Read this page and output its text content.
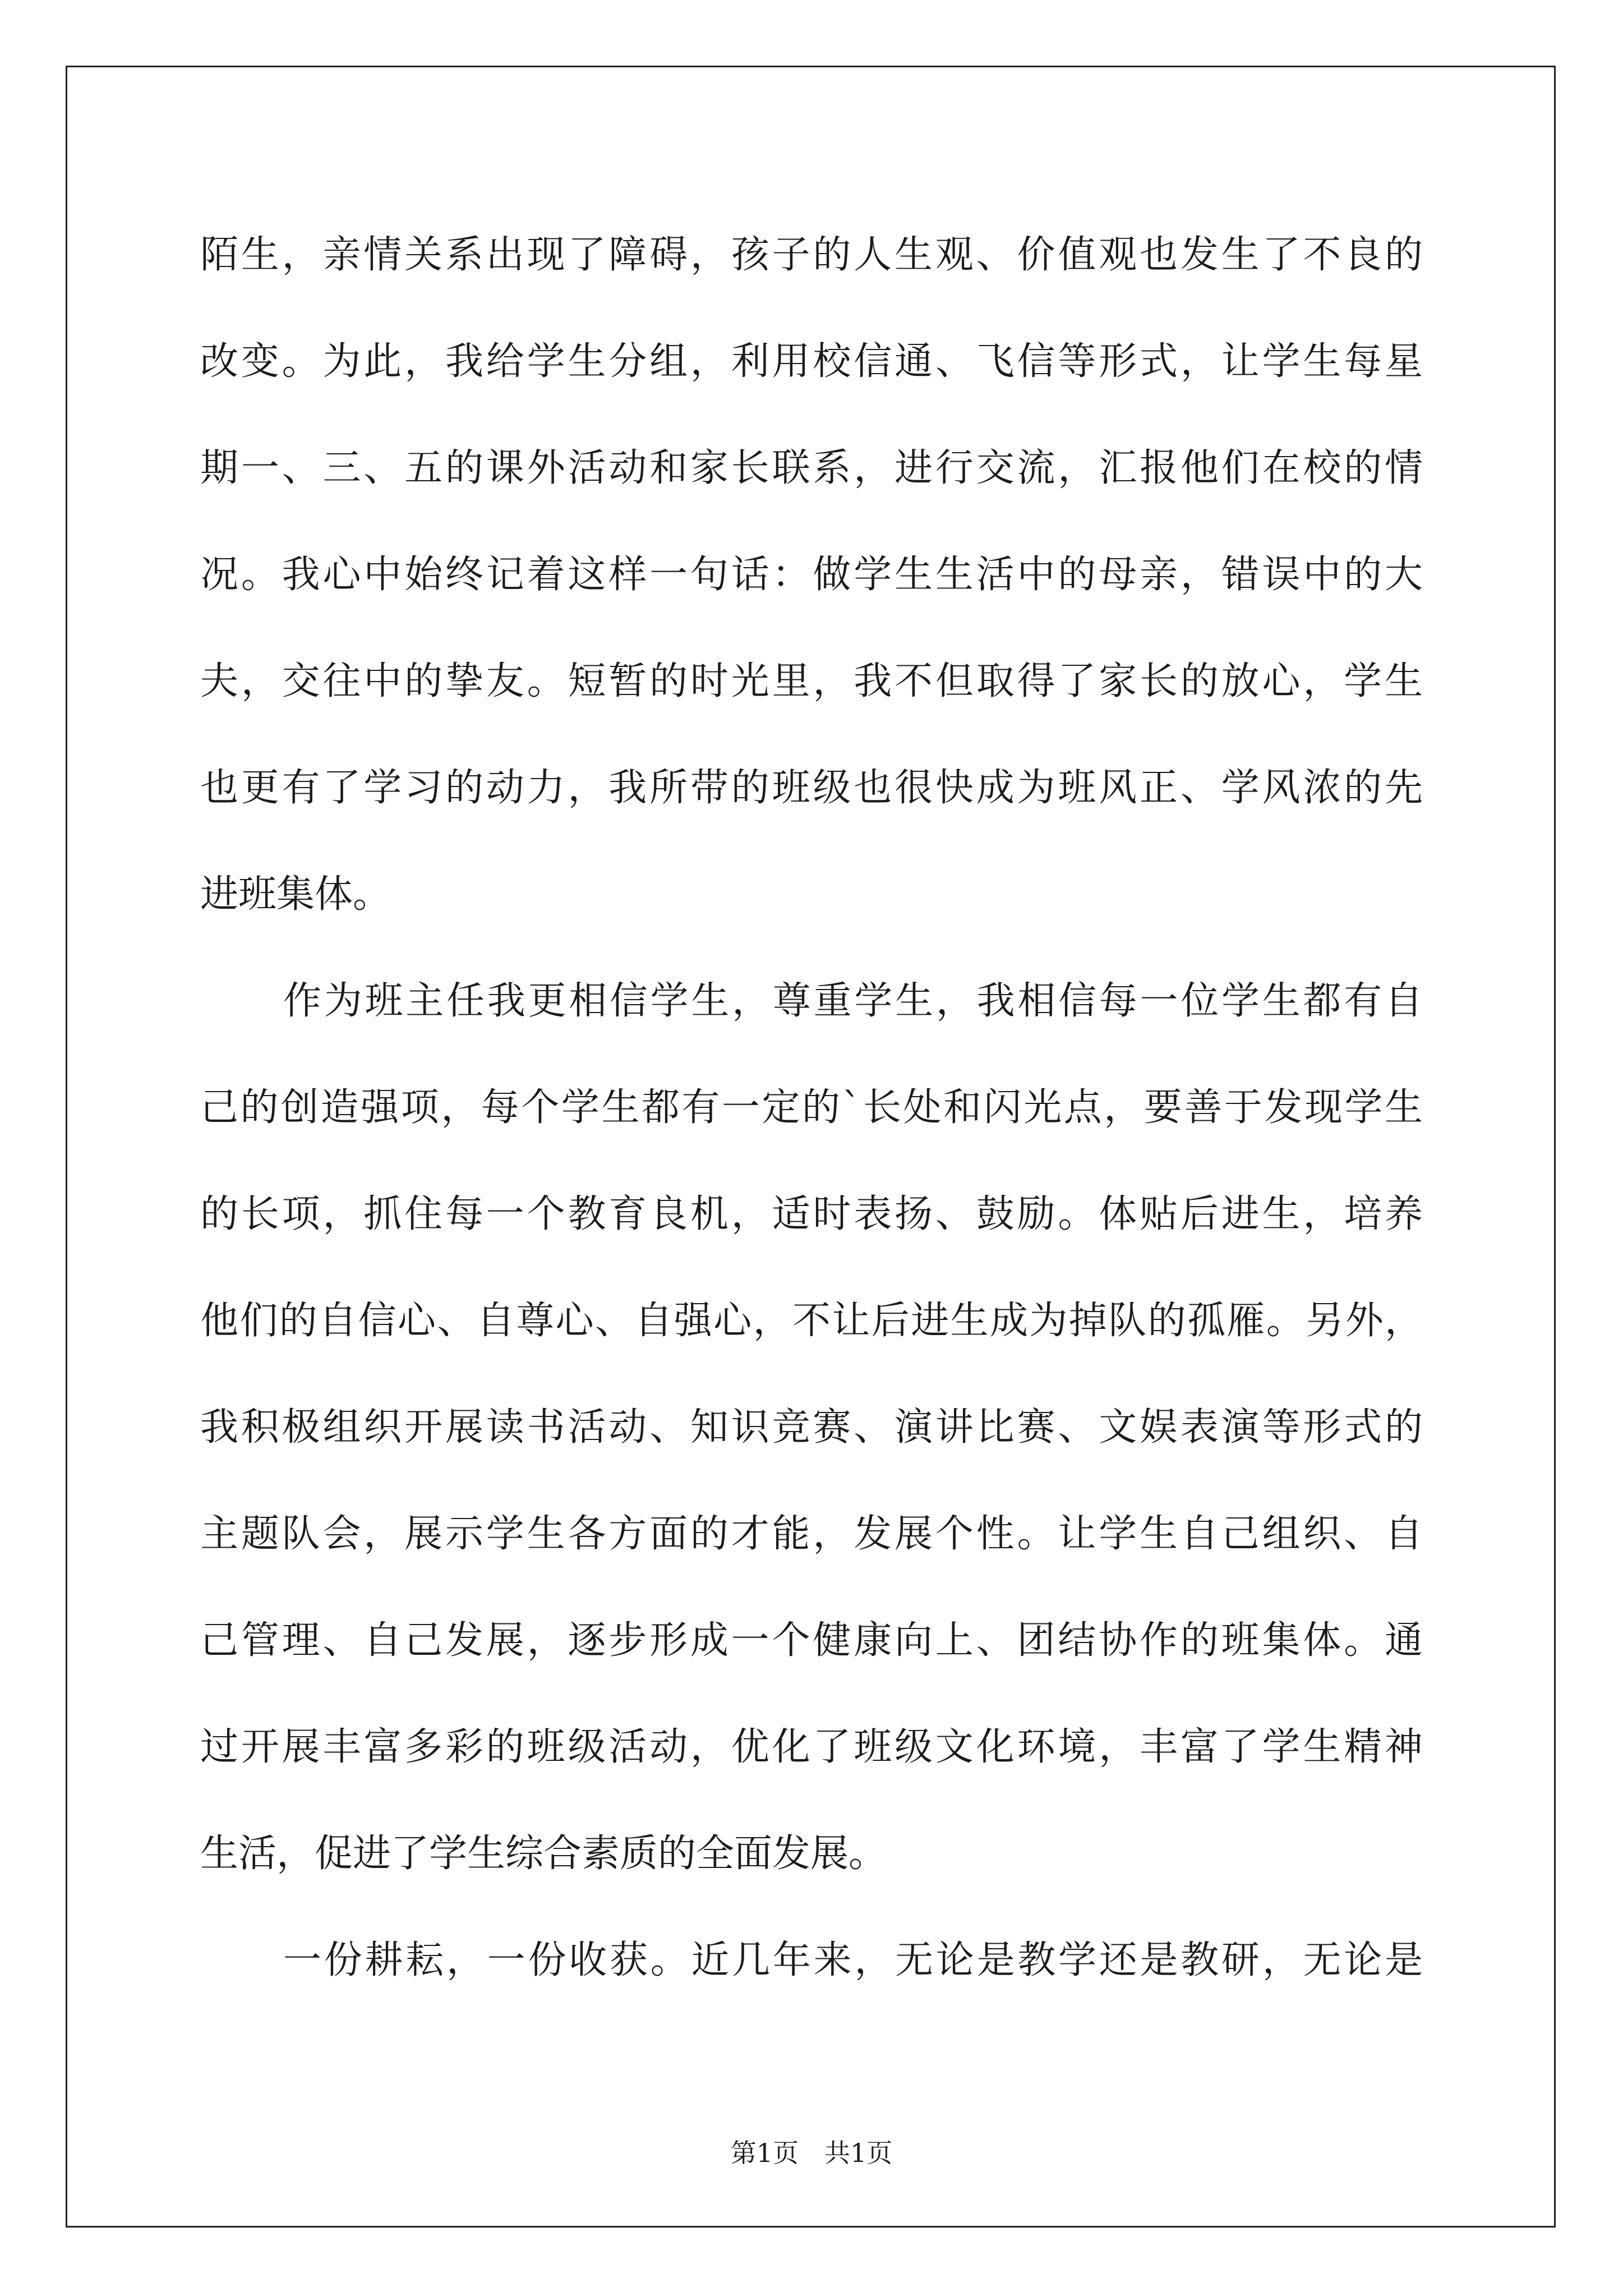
陌生，亲情关系出现了障碍，孩子的人生观、价值观也发生了不良的
改变。为此，我给学生分组，利用校信通、飞信等形式，让学生每星
期一、三、五的课外活动和家长联系，进行交流，汇报他们在校的情
况。我心中始终记着这样一句话：做学生生活中的母亲，错误中的大
夫，交往中的挚友。短暂的时光里，我不但取得了家长的放心，学生
也更有了学习的动力，我所带的班级也很快成为班风正、学风浓的先
进班集体。
作为班主任我更相信学生，尊重学生，我相信每一位学生都有自
己的创造强项，每个学生都有一定的`长处和闪光点，要善于发现学生
的长项，抓住每一个教育良机，适时表扬、鼓励。体贴后进生，培养
他们的自信心、自尊心、自强心，不让后进生成为掉队的孤雁。另外，
我积极组织开展读书活动、知识竞赛、演讲比赛、文娱表演等形式的
主题队会，展示学生各方面的才能，发展个性。让学生自己组织、自
己管理、自己发展，逐步形成一个健康向上、团结协作的班集体。通
过开展丰富多彩的班级活动，优化了班级文化环境，丰富了学生精神
生活，促进了学生综合素质的全面发展。
一份耕耘，一份收获。近几年来，无论是教学还是教研，无论是
第1页　共1页
